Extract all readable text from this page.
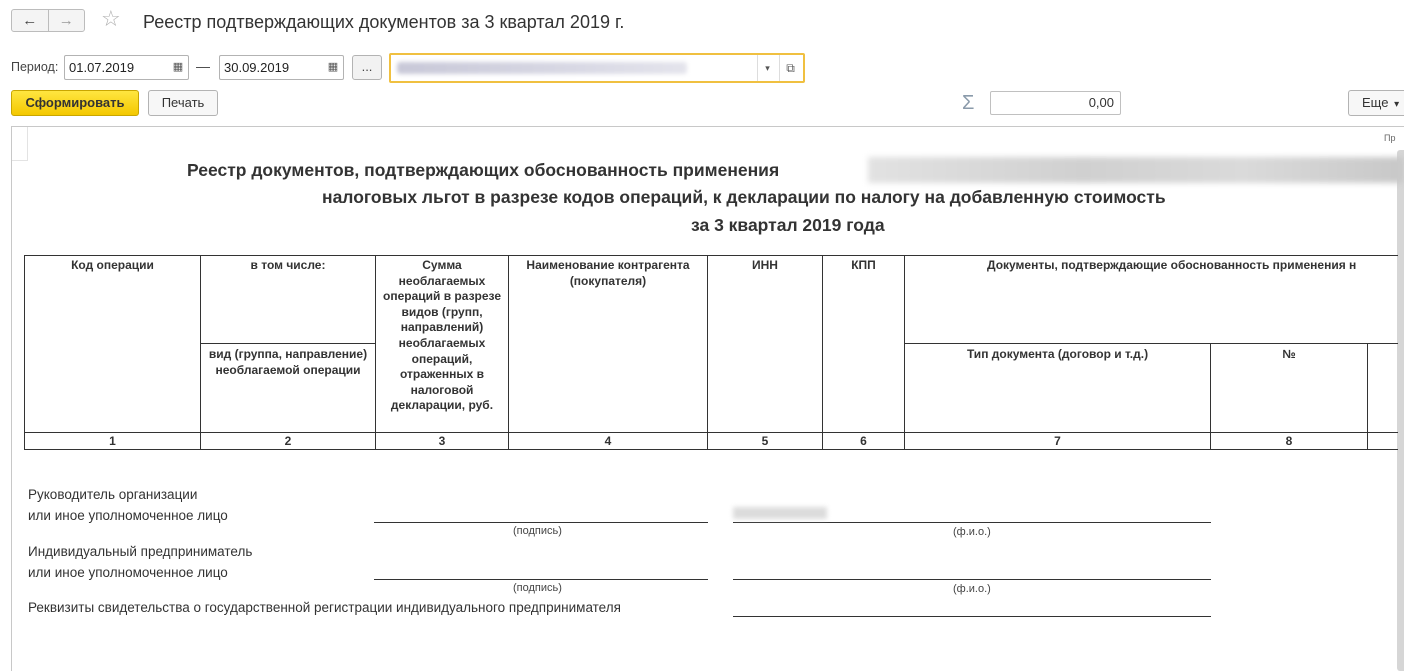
←	→	☆ Реестр подтверждающих документов за 3 квартал 2019 г.
Период: 01.07.2019	▦ —	30.09.2019	▦	...	▾	⧉
Сформировать	Печать	Σ	0,00	Еще ▾
Пр
Реестр документов, подтверждающих обоснованность применения
налоговых льгот в разрезе кодов операций, к декларации по налогу на добавленную стоимость
за 3 квартал 2019 года
Код операции	в том числе:	Сумма необлагаемых операций в разрезе видов (групп, направлений) необлагаемых операций, отраженных в налоговой декларации, руб.	Наименование контрагента (покупателя)	ИНН	КПП	Документы, подтверждающие обоснованность применения н		
	вид (группа, направление) необлагаемой операции					Тип документа (договор и т.д.)	№	
1	2	3	4	5	6	7	8	
Руководитель организации
или иное уполномоченное лицо
(подпись)	(ф.и.о.)
Индивидуальный предприниматель
или иное уполномоченное лицо
(подпись)	(ф.и.о.)
Реквизиты свидетельства о государственной регистрации индивидуального предпринимателя
